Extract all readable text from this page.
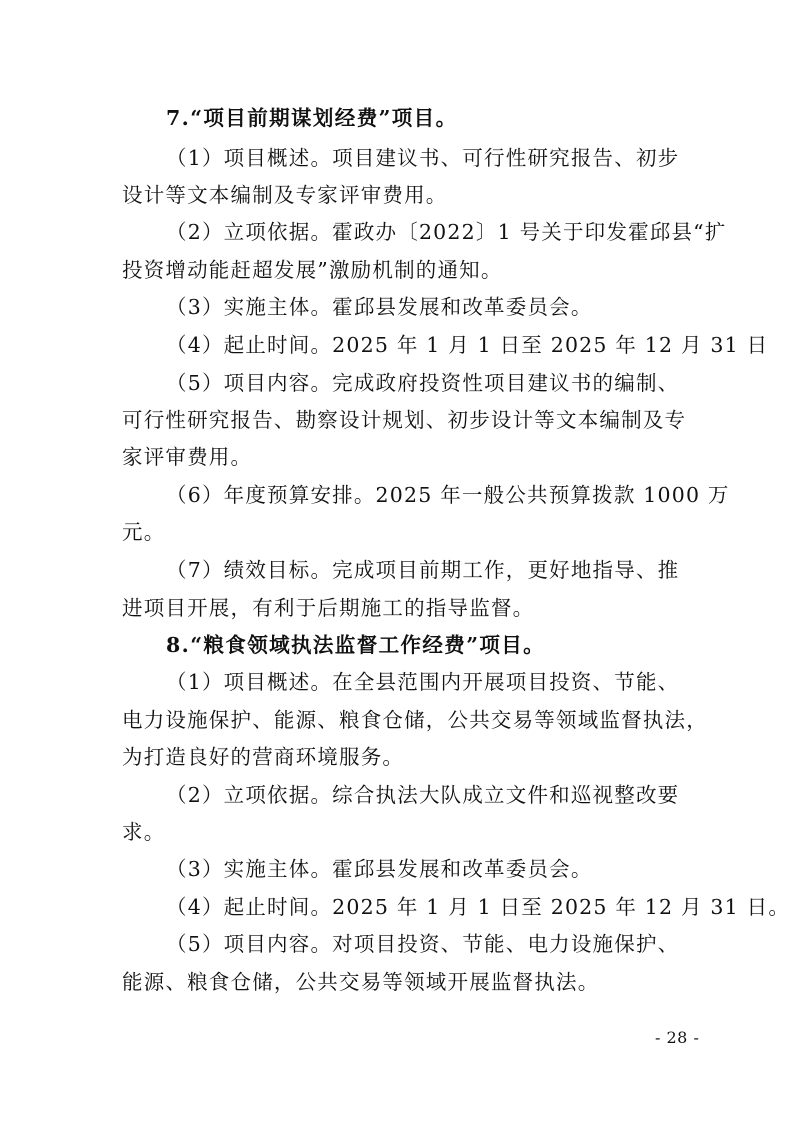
7.“项目前期谋划经费”项目。
（1）项目概述。项目建议书、可行性研究报告、初步
设计等文本编制及专家评审费用。
（2）立项依据。霍政办〔2022〕1 号关于印发霍邱县“扩
投资增动能赶超发展”激励机制的通知。
（3）实施主体。霍邱县发展和改革委员会。
（4）起止时间。2025 年 1 月 1 日至 2025 年 12 月 31 日
（5）项目内容。完成政府投资性项目建议书的编制、
可行性研究报告、勘察设计规划、初步设计等文本编制及专
家评审费用。
（6）年度预算安排。2025 年一般公共预算拨款 1000 万
元。
（7）绩效目标。完成项目前期工作，更好地指导、推
进项目开展，有利于后期施工的指导监督。
8.“粮食领域执法监督工作经费”项目。
（1）项目概述。在全县范围内开展项目投资、节能、
电力设施保护、能源、粮食仓储，公共交易等领域监督执法，
为打造良好的营商环境服务。
（2）立项依据。综合执法大队成立文件和巡视整改要
求。
（3）实施主体。霍邱县发展和改革委员会。
（4）起止时间。2025 年 1 月 1 日至 2025 年 12 月 31 日。
（5）项目内容。对项目投资、节能、电力设施保护、
能源、粮食仓储，公共交易等领域开展监督执法。
- 28 -
